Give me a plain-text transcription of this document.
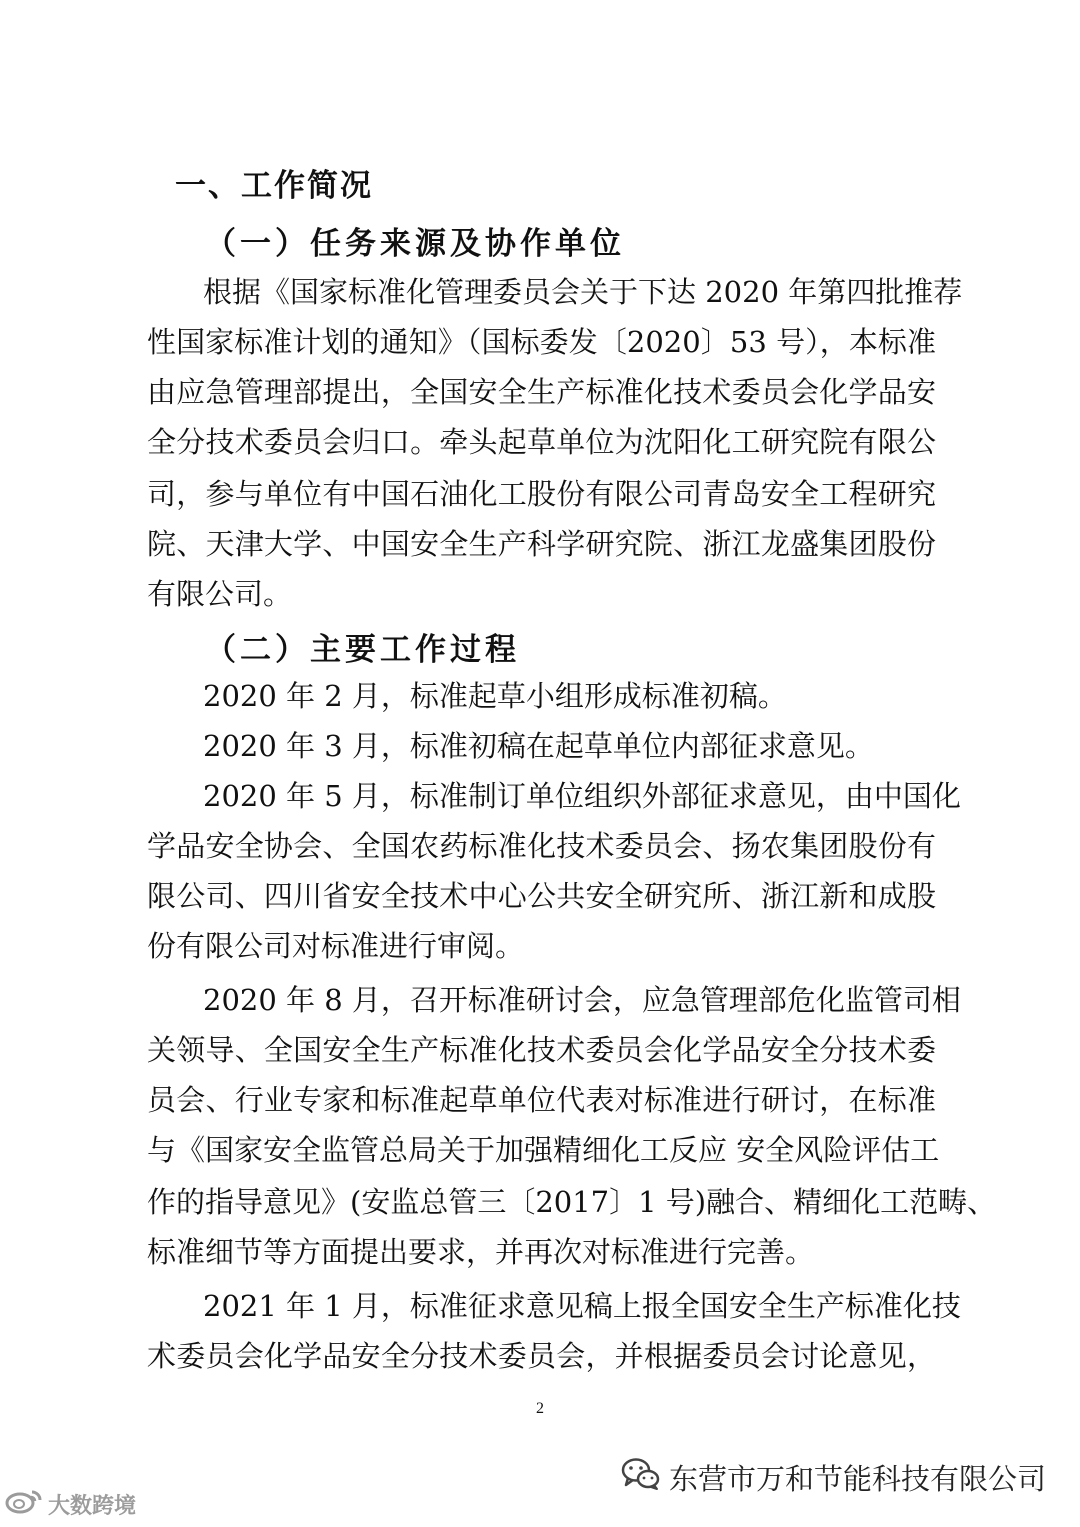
一、工作简况
（一）任务来源及协作单位
根据《国家标准化管理委员会关于下达 2020 年第四批推荐
性国家标准计划的通知》（国标委发〔2020〕53 号），本标准
由应急管理部提出，全国安全生产标准化技术委员会化学品安
全分技术委员会归口。牵头起草单位为沈阳化工研究院有限公
司，参与单位有中国石油化工股份有限公司青岛安全工程研究
院、天津大学、中国安全生产科学研究院、浙江龙盛集团股份
有限公司。
（二）主要工作过程
2020 年 2 月，标准起草小组形成标准初稿。
2020 年 3 月，标准初稿在起草单位内部征求意见。
2020 年 5 月，标准制订单位组织外部征求意见，由中国化
学品安全协会、全国农药标准化技术委员会、扬农集团股份有
限公司、四川省安全技术中心公共安全研究所、浙江新和成股
份有限公司对标准进行审阅。
2020 年 8 月，召开标准研讨会，应急管理部危化监管司相
关领导、全国安全生产标准化技术委员会化学品安全分技术委
员会、行业专家和标准起草单位代表对标准进行研讨，在标准
与《国家安全监管总局关于加强精细化工反应 安全风险评估工
作的指导意见》(安监总管三〔2017〕1 号)融合、精细化工范畴、
标准细节等方面提出要求，并再次对标准进行完善。
2021 年 1 月，标准征求意见稿上报全国安全生产标准化技
术委员会化学品安全分技术委员会，并根据委员会讨论意见，
2
大数跨境
东营市万和节能科技有限公司
